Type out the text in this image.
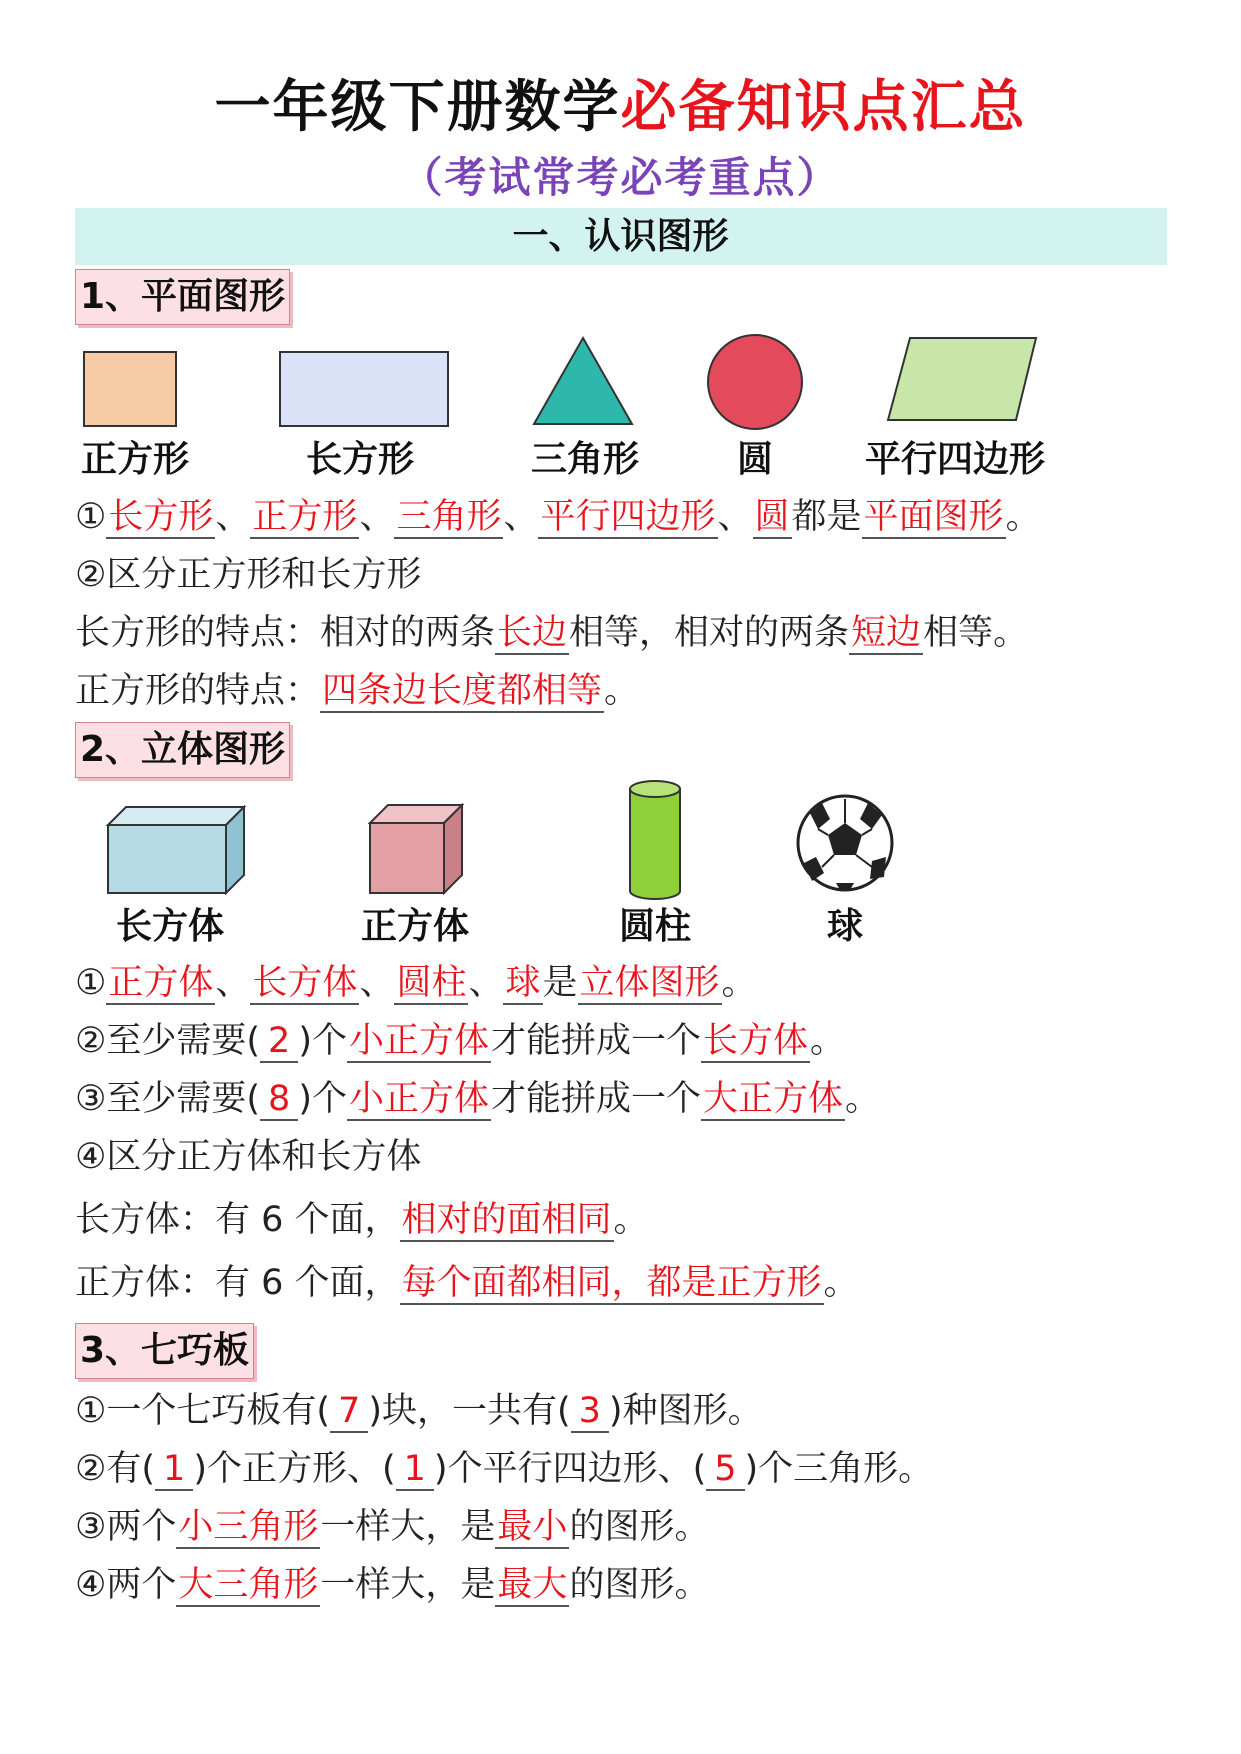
一年级下册数学必备知识点汇总
（考试常考必考重点）
一、认识图形
1、平面图形
正方形	长方形	三角形	圆	平行四边形
①长方形、正方形、三角形、平行四边形、圆都是平面图形。
②区分正方形和长方形
长方形的特点：相对的两条长边相等，相对的两条短边相等。
正方形的特点：四条边长度都相等。
2、立体图形
长方体	正方体	圆柱	球
①正方体、长方体、圆柱、球是立体图形。
②至少需要( 2 )个小正方体才能拼成一个长方体。
③至少需要( 8 )个小正方体才能拼成一个大正方体。
④区分正方体和长方体
长方体：有 6 个面，相对的面相同。
正方体：有 6 个面，每个面都相同，都是正方形。
3、七巧板
①一个七巧板有( 7 )块，一共有( 3 )种图形。
②有( 1 )个正方形、( 1 )个平行四边形、( 5 )个三角形。
③两个小三角形一样大，是最小的图形。
④两个大三角形一样大，是最大的图形。
